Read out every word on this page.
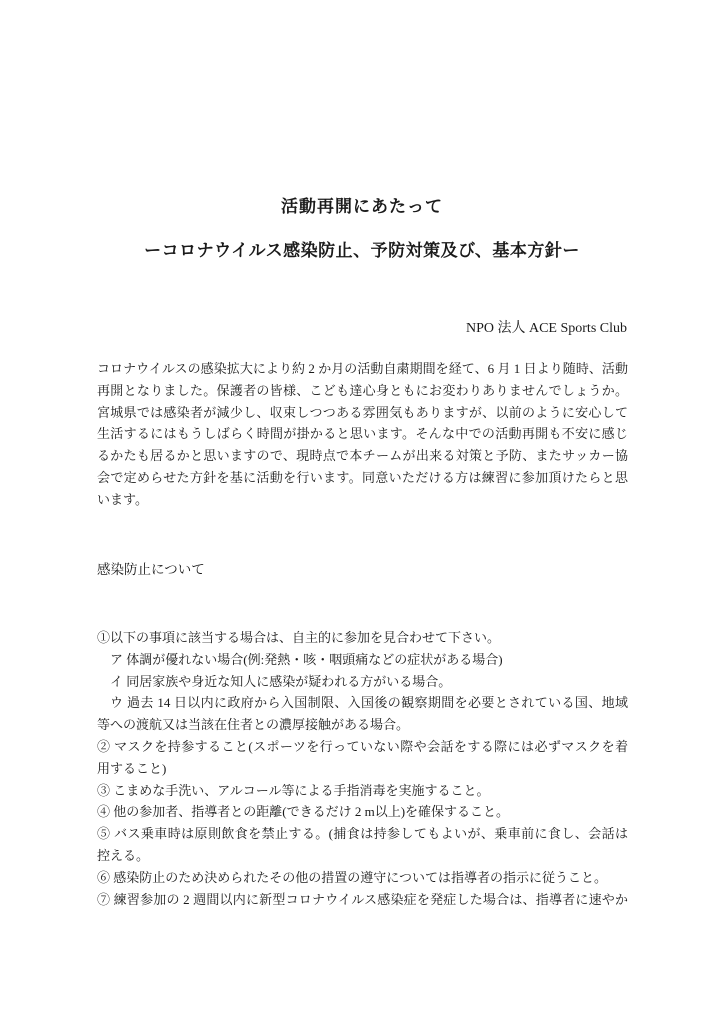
活動再開にあたって
ーコロナウイルス感染防止、予防対策及び、基本方針ー
NPO 法人 ACE Sports Club
コロナウイルスの感染拡大により約 2 か月の活動自粛期間を経て、6 月 1 日より随時、活動
再開となりました。保護者の皆様、こども達心身ともにお変わりありませんでしょうか。
宮城県では感染者が減少し、収束しつつある雰囲気もありますが、以前のように安心して
生活するにはもうしばらく時間が掛かると思います。そんな中での活動再開も不安に感じ
るかたも居るかと思いますので、現時点で本チームが出来る対策と予防、またサッカー協
会で定めらせた方針を基に活動を行います。同意いただける方は練習に参加頂けたらと思
います。
感染防止について
①以下の事項に該当する場合は、自主的に参加を見合わせて下さい。
ア 体調が優れない場合(例:発熱・咳・咽頭痛などの症状がある場合)
イ 同居家族や身近な知人に感染が疑われる方がいる場合。
ウ 過去 14 日以内に政府から入国制限、入国後の観察期間を必要とされている国、地域
等への渡航又は当該在住者との濃厚接触がある場合。
② マスクを持参すること(スポーツを行っていない際や会話をする際には必ずマスクを着
用すること)
③ こまめな手洗い、アルコール等による手指消毒を実施すること。
④ 他の参加者、指導者との距離(できるだけ 2 m以上)を確保すること。
⑤ バス乗車時は原則飲食を禁止する。(捕食は持参してもよいが、乗車前に食し、会話は
控える。
⑥ 感染防止のため決められたその他の措置の遵守については指導者の指示に従うこと。
⑦ 練習参加の 2 週間以内に新型コロナウイルス感染症を発症した場合は、指導者に速やか
